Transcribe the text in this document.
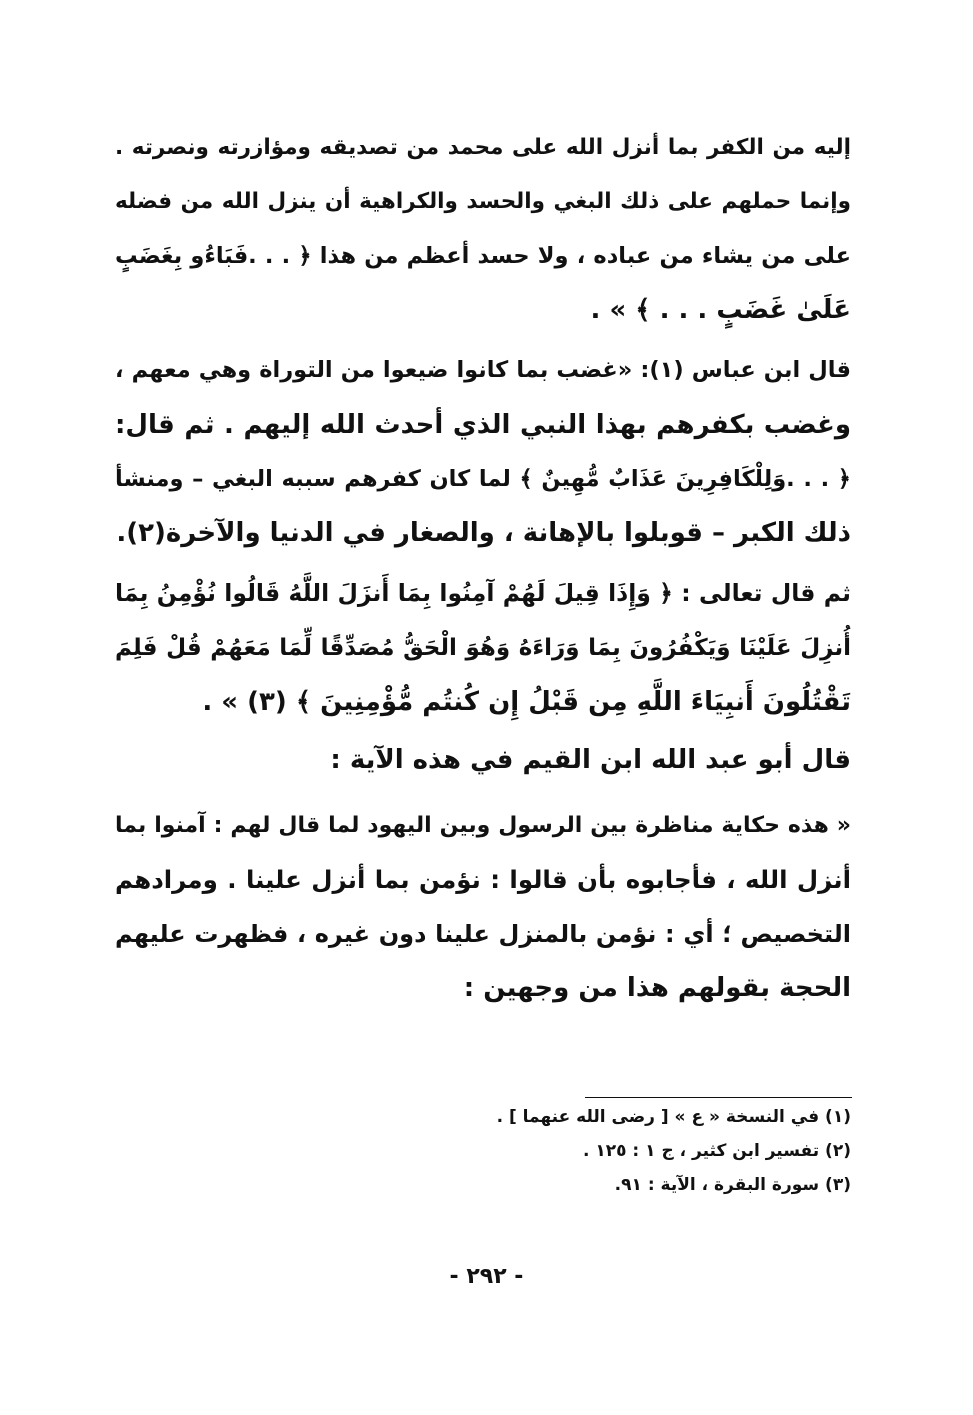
إليه من الكفر بما أنزل الله على محمد من تصديقه ومؤازرته ونصرته .
وإنما حملهم على ذلك البغي والحسد والكراهية أن ينزل الله من فضله
على من يشاء من عباده ، ولا حسد أعظم من هذا ﴿ . . .فَبَاءُو بِغَضَبٍ
عَلَىٰ غَضَبٍ . . . ﴾ » .
قال ابن عباس (١): «غضب بما كانوا ضيعوا من التوراة وهي معهم ،
وغضب بكفرهم بهذا النبي الذي أحدث الله إليهم . ثم قال:
﴿ . . .وَلِلْكَافِرِينَ عَذَابٌ مُّهِينٌ ﴾ لما كان كفرهم سببه البغي – ومنشأ
ذلك الكبر – قوبلوا بالإهانة ، والصغار في الدنيا والآخرة(٢).
ثم قال تعالى : ﴿ وَإِذَا قِيلَ لَهُمْ آمِنُوا بِمَا أَنزَلَ اللَّهُ قَالُوا نُؤْمِنُ بِمَا
أُنزِلَ عَلَيْنَا وَيَكْفُرُونَ بِمَا وَرَاءَهُ وَهُوَ الْحَقُّ مُصَدِّقًا لِّمَا مَعَهُمْ قُلْ فَلِمَ
تَقْتُلُونَ أَنبِيَاءَ اللَّهِ مِن قَبْلُ إِن كُنتُم مُّؤْمِنِينَ ﴾ (٣) » .
قال أبو عبد الله ابن القيم في هذه الآية :
« هذه حكاية مناظرة بين الرسول وبين اليهود لما قال لهم : آمنوا بما
أنزل الله ، فأجابوه بأن قالوا : نؤمن بما أنزل علينا . ومرادهم
التخصيص ؛ أي : نؤمن بالمنزل علينا دون غيره ، فظهرت عليهم
الحجة بقولهم هذا من وجهين :
(١) في النسخة « ع » [ رضى الله عنهما ] .
(٢) تفسير ابن كثير ، ج ١ : ١٢٥ .
(٣) سورة البقرة ، الآية : ٩١.
- ٢٩٢ -
